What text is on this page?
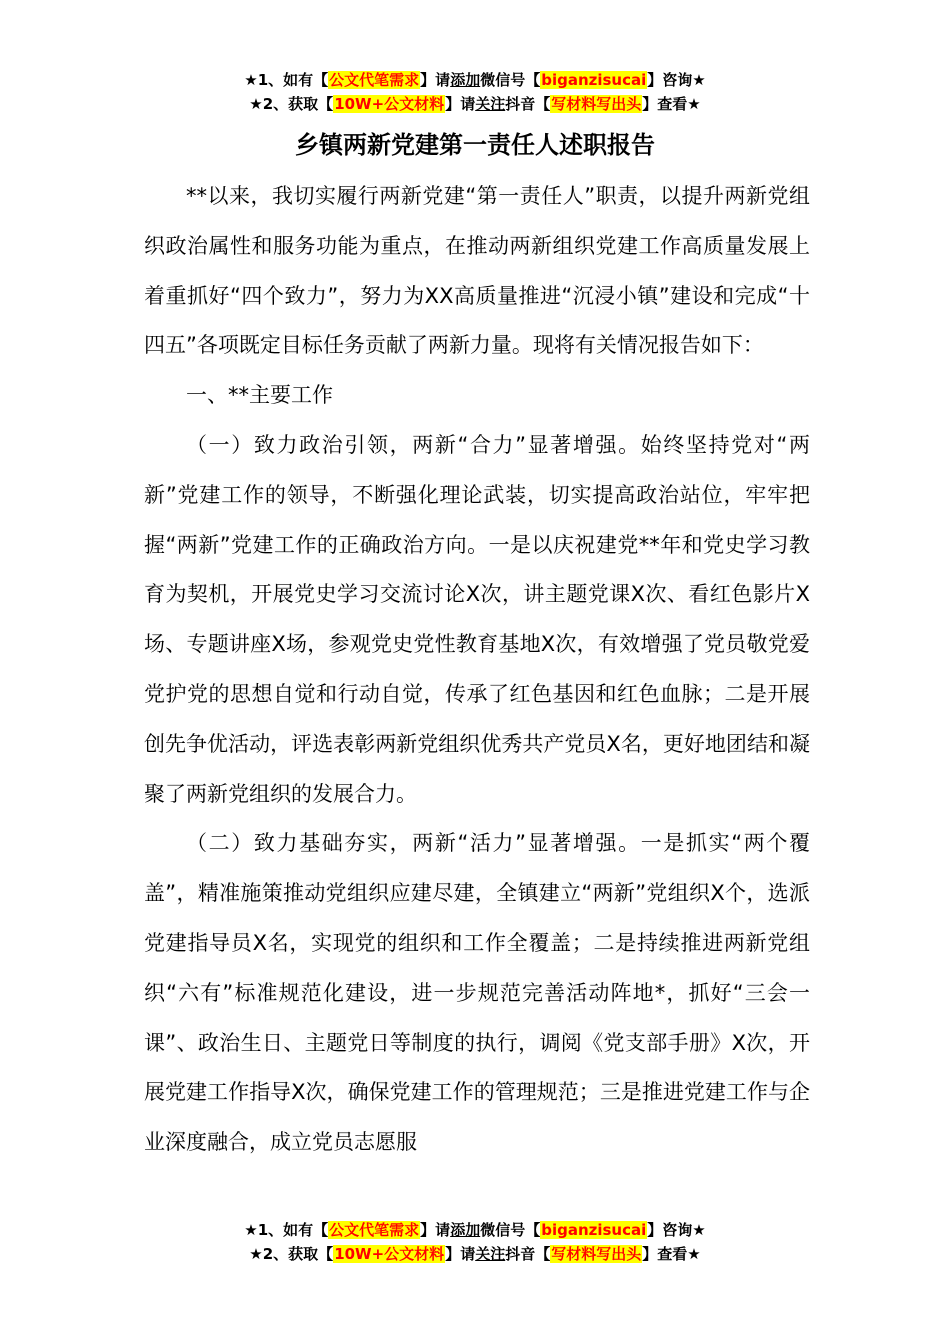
★1、如有【公文代笔需求】请添加微信号【biganzisucai】咨询★
★2、获取【10W+公文材料】请关注抖音【写材料写出头】查看★
乡镇两新党建第一责任人述职报告

**以来，我切实履行两新党建“第一责任人”职责，以提升两新党组织政治属性和服务功能为重点，在推动两新组织党建工作高质量发展上着重抓好“四个致力”，努力为XX高质量推进“沉浸小镇”建设和完成“十四五”各项既定目标任务贡献了两新力量。现将有关情况报告如下：

一、**主要工作

（一）致力政治引领，两新“合力”显著增强。始终坚持党对“两新”党建工作的领导，不断强化理论武装，切实提高政治站位，牢牢把握“两新”党建工作的正确政治方向。一是以庆祝建党**年和党史学习教育为契机，开展党史学习交流讨论X次，讲主题党课X次、看红色影片X场、专题讲座X场，参观党史党性教育基地X次，有效增强了党员敬党爱党护党的思想自觉和行动自觉，传承了红色基因和红色血脉；二是开展创先争优活动，评选表彰两新党组织优秀共产党员X名，更好地团结和凝聚了两新党组织的发展合力。

（二）致力基础夯实，两新“活力”显著增强。一是抓实“两个覆盖”，精准施策推动党组织应建尽建，全镇建立“两新”党组织X个，选派党建指导员X名，实现党的组织和工作全覆盖；二是持续推进两新党组织“六有”标准规范化建设，进一步规范完善活动阵地*，抓好“三会一课”、政治生日、主题党日等制度的执行，调阅《党支部手册》X次，开展党建工作指导X次，确保党建工作的管理规范；三是推进党建工作与企业深度融合，成立党员志愿服

★1、如有【公文代笔需求】请添加微信号【biganzisucai】咨询★
★2、获取【10W+公文材料】请关注抖音【写材料写出头】查看★
